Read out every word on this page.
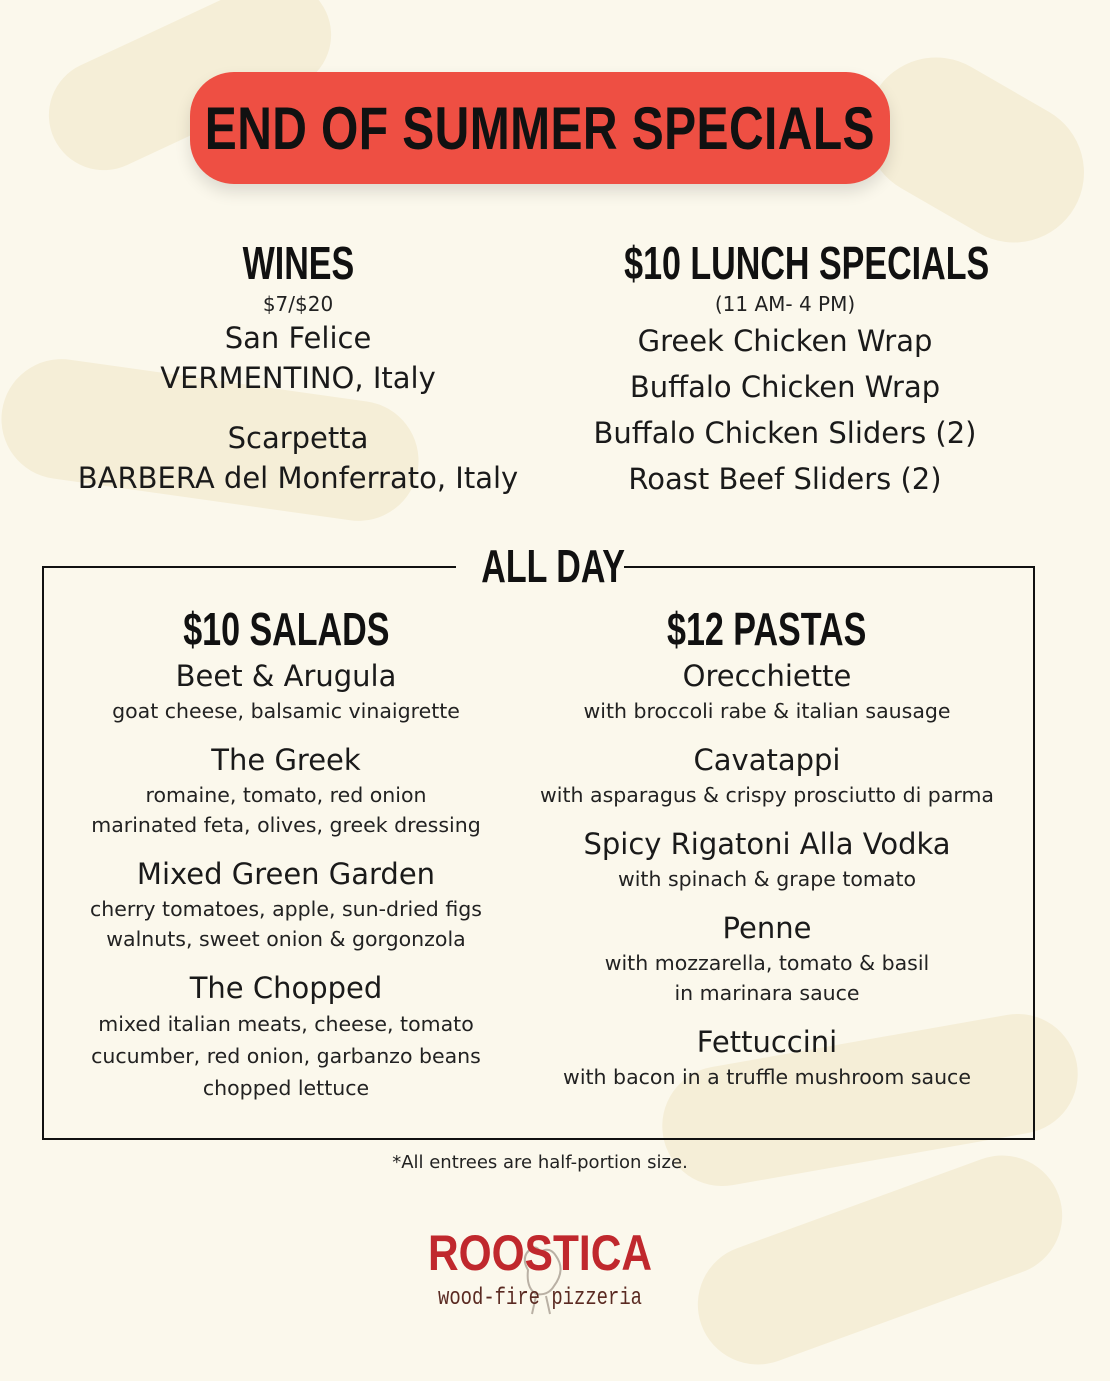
END OF SUMMER SPECIALS
WINES
$7/$20
San Felice
VERMENTINO, Italy
Scarpetta
BARBERA del Monferrato, Italy
$10 LUNCH SPECIALS
(11 AM- 4 PM)
Greek Chicken Wrap
Buffalo Chicken Wrap
Buffalo Chicken Sliders (2)
Roast Beef Sliders (2)
ALL DAY
$10 SALADS
Beet & Arugula
goat cheese, balsamic vinaigrette
The Greek
romaine, tomato, red onion
marinated feta, olives, greek dressing
Mixed Green Garden
cherry tomatoes, apple, sun-dried figs
walnuts, sweet onion & gorgonzola
The Chopped
mixed italian meats, cheese, tomato
cucumber, red onion, garbanzo beans
chopped lettuce
$12 PASTAS
Orecchiette
with broccoli rabe & italian sausage
Cavatappi
with asparagus & crispy prosciutto di parma
Spicy Rigatoni Alla Vodka
with spinach & grape tomato
Penne
with mozzarella, tomato & basil
in marinara sauce
Fettuccini
with bacon in a truffle mushroom sauce
*All entrees are half-portion size.
ROOSTICA
wood-fire pizzeria
